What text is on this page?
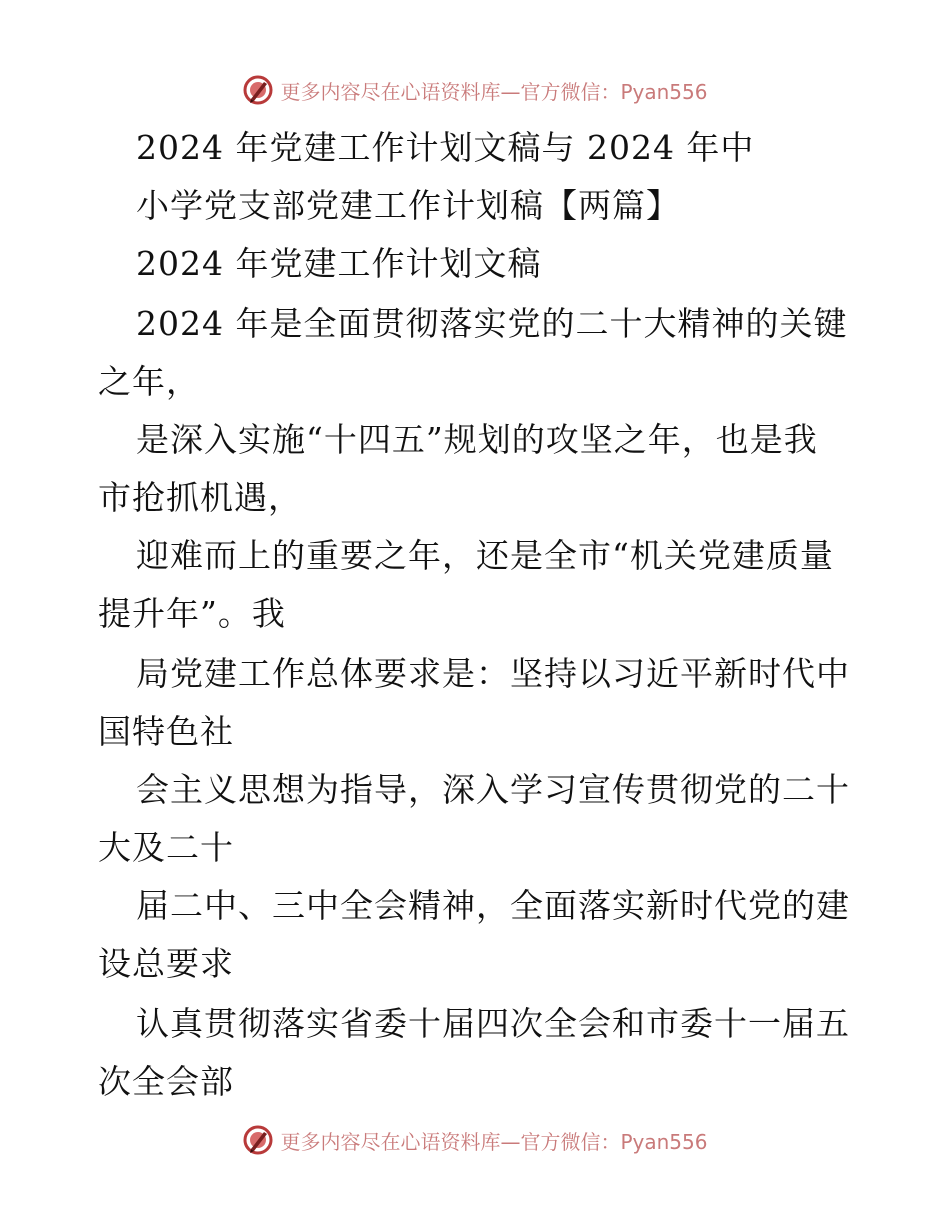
更多内容尽在心语资料库—官方微信：Pyan556
2024 年党建工作计划文稿与 2024 年中
小学党支部党建工作计划稿【两篇】
2024 年党建工作计划文稿
2024 年是全面贯彻落实党的二十大精神的关键
之年，
是深入实施“十四五”规划的攻坚之年，也是我
市抢抓机遇，
迎难而上的重要之年，还是全市“机关党建质量
提升年”。我
局党建工作总体要求是：坚持以习近平新时代中
国特色社
会主义思想为指导，深入学习宣传贯彻党的二十
大及二十
届二中、三中全会精神，全面落实新时代党的建
设总要求
认真贯彻落实省委十届四次全会和市委十一届五
次全会部
更多内容尽在心语资料库—官方微信：Pyan556
